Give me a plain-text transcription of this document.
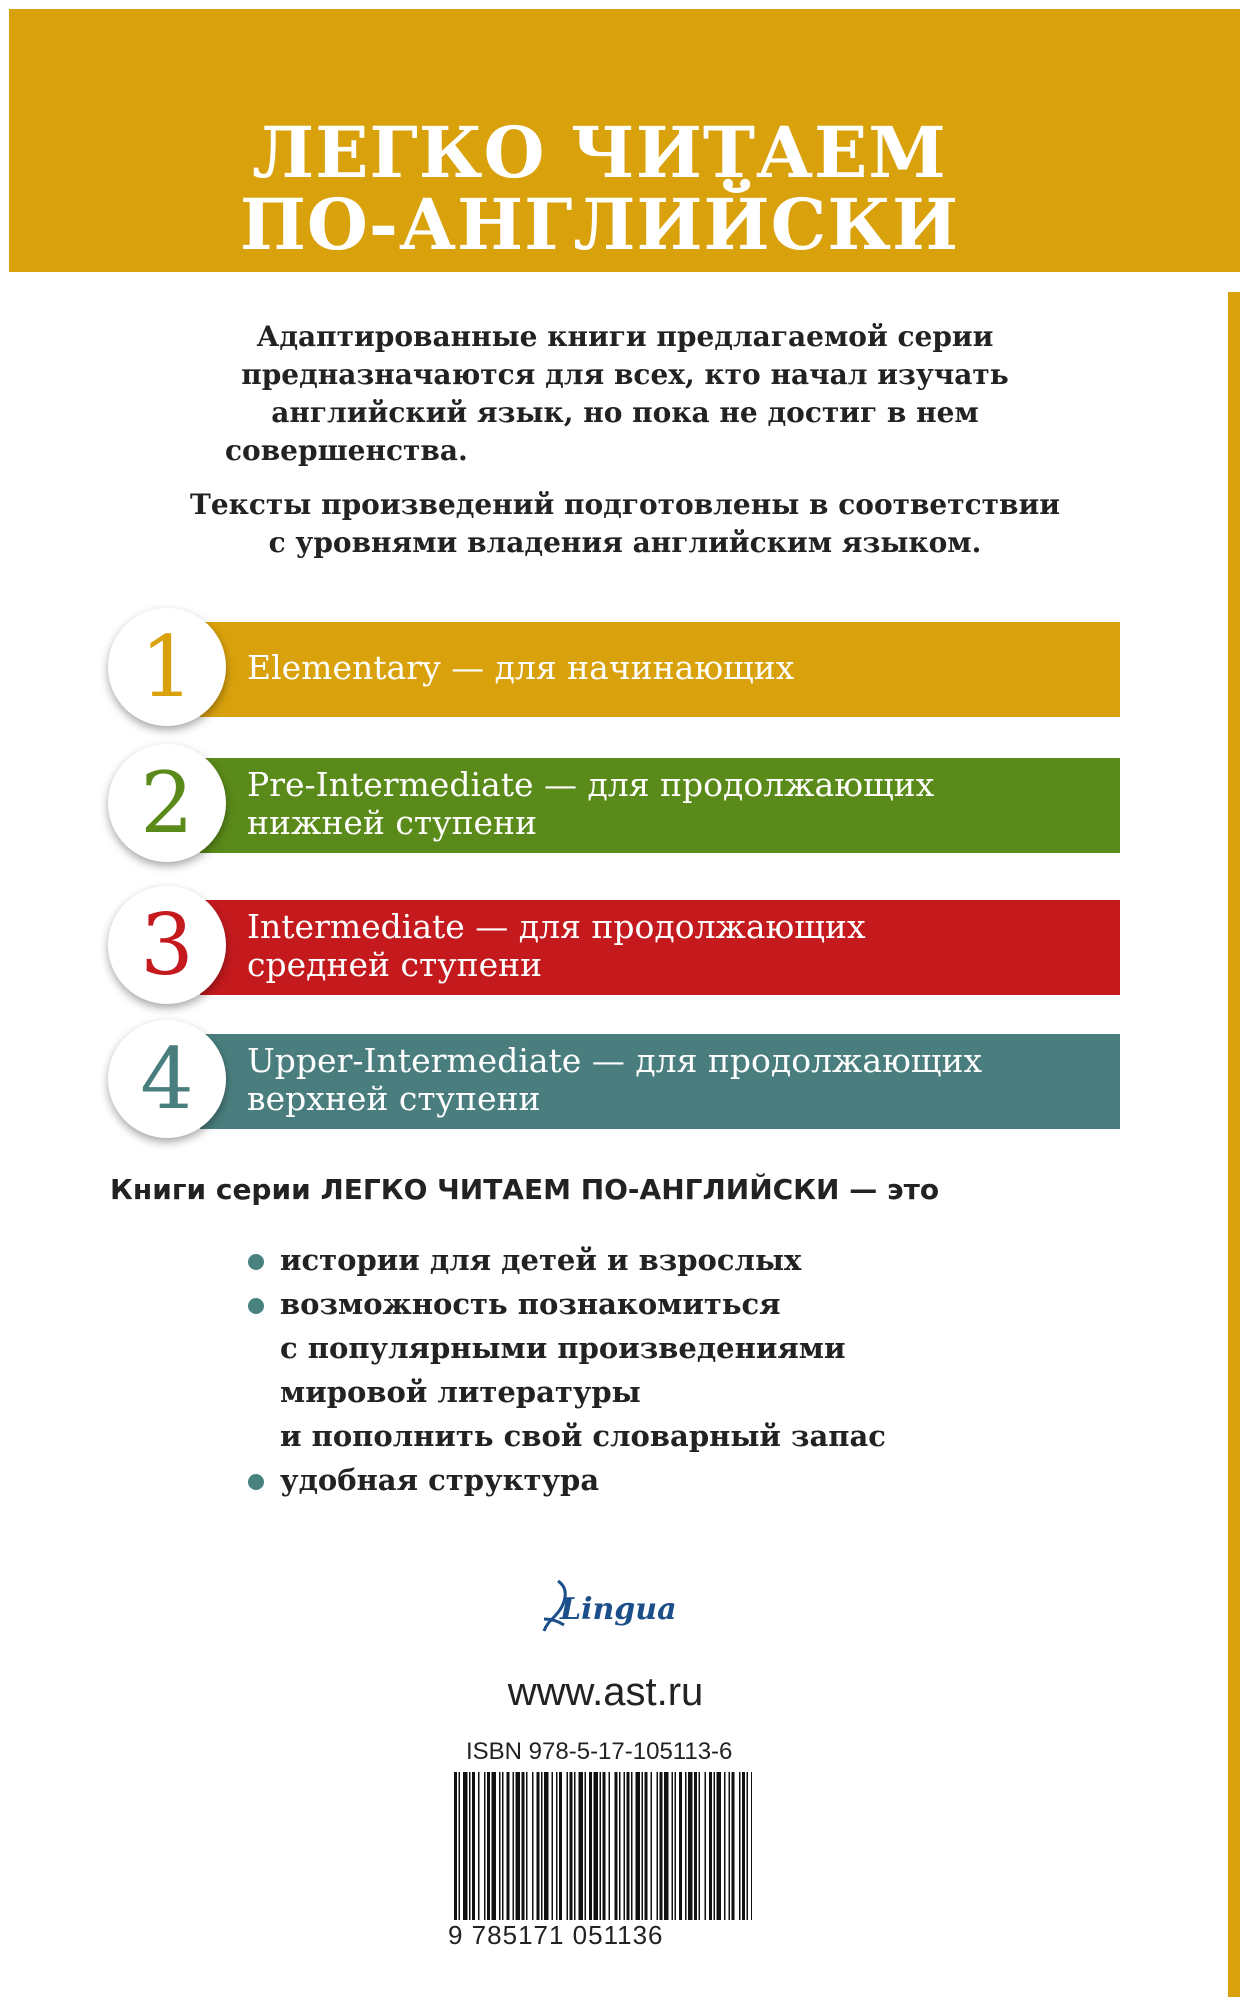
ЛЕГКО ЧИТАЕМ
ПО-АНГЛИЙСКИ
Адаптированные книги предлагаемой серии
предназначаются для всех, кто начал изучать
английский язык, но пока не достиг в нем
совершенства.
Тексты произведений подготовлены в соответствии
с уровнями владения английским языком.
1	Elementary — для начинающих
2	Pre-Intermediate — для продолжающих
нижней ступени
3	Intermediate — для продолжающих
средней ступени
4	Upper-Intermediate — для продолжающих
верхней ступени
Книги серии ЛЕГКО ЧИТАЕМ ПО-АНГЛИЙСКИ — это
истории для детей и взрослых
возможность познакомиться
с популярными произведениями
мировой литературы
и пополнить свой словарный запас
удобная структура
Lingua
www.ast.ru
ISBN 978-5-17-105113-6
9 785171 051136
